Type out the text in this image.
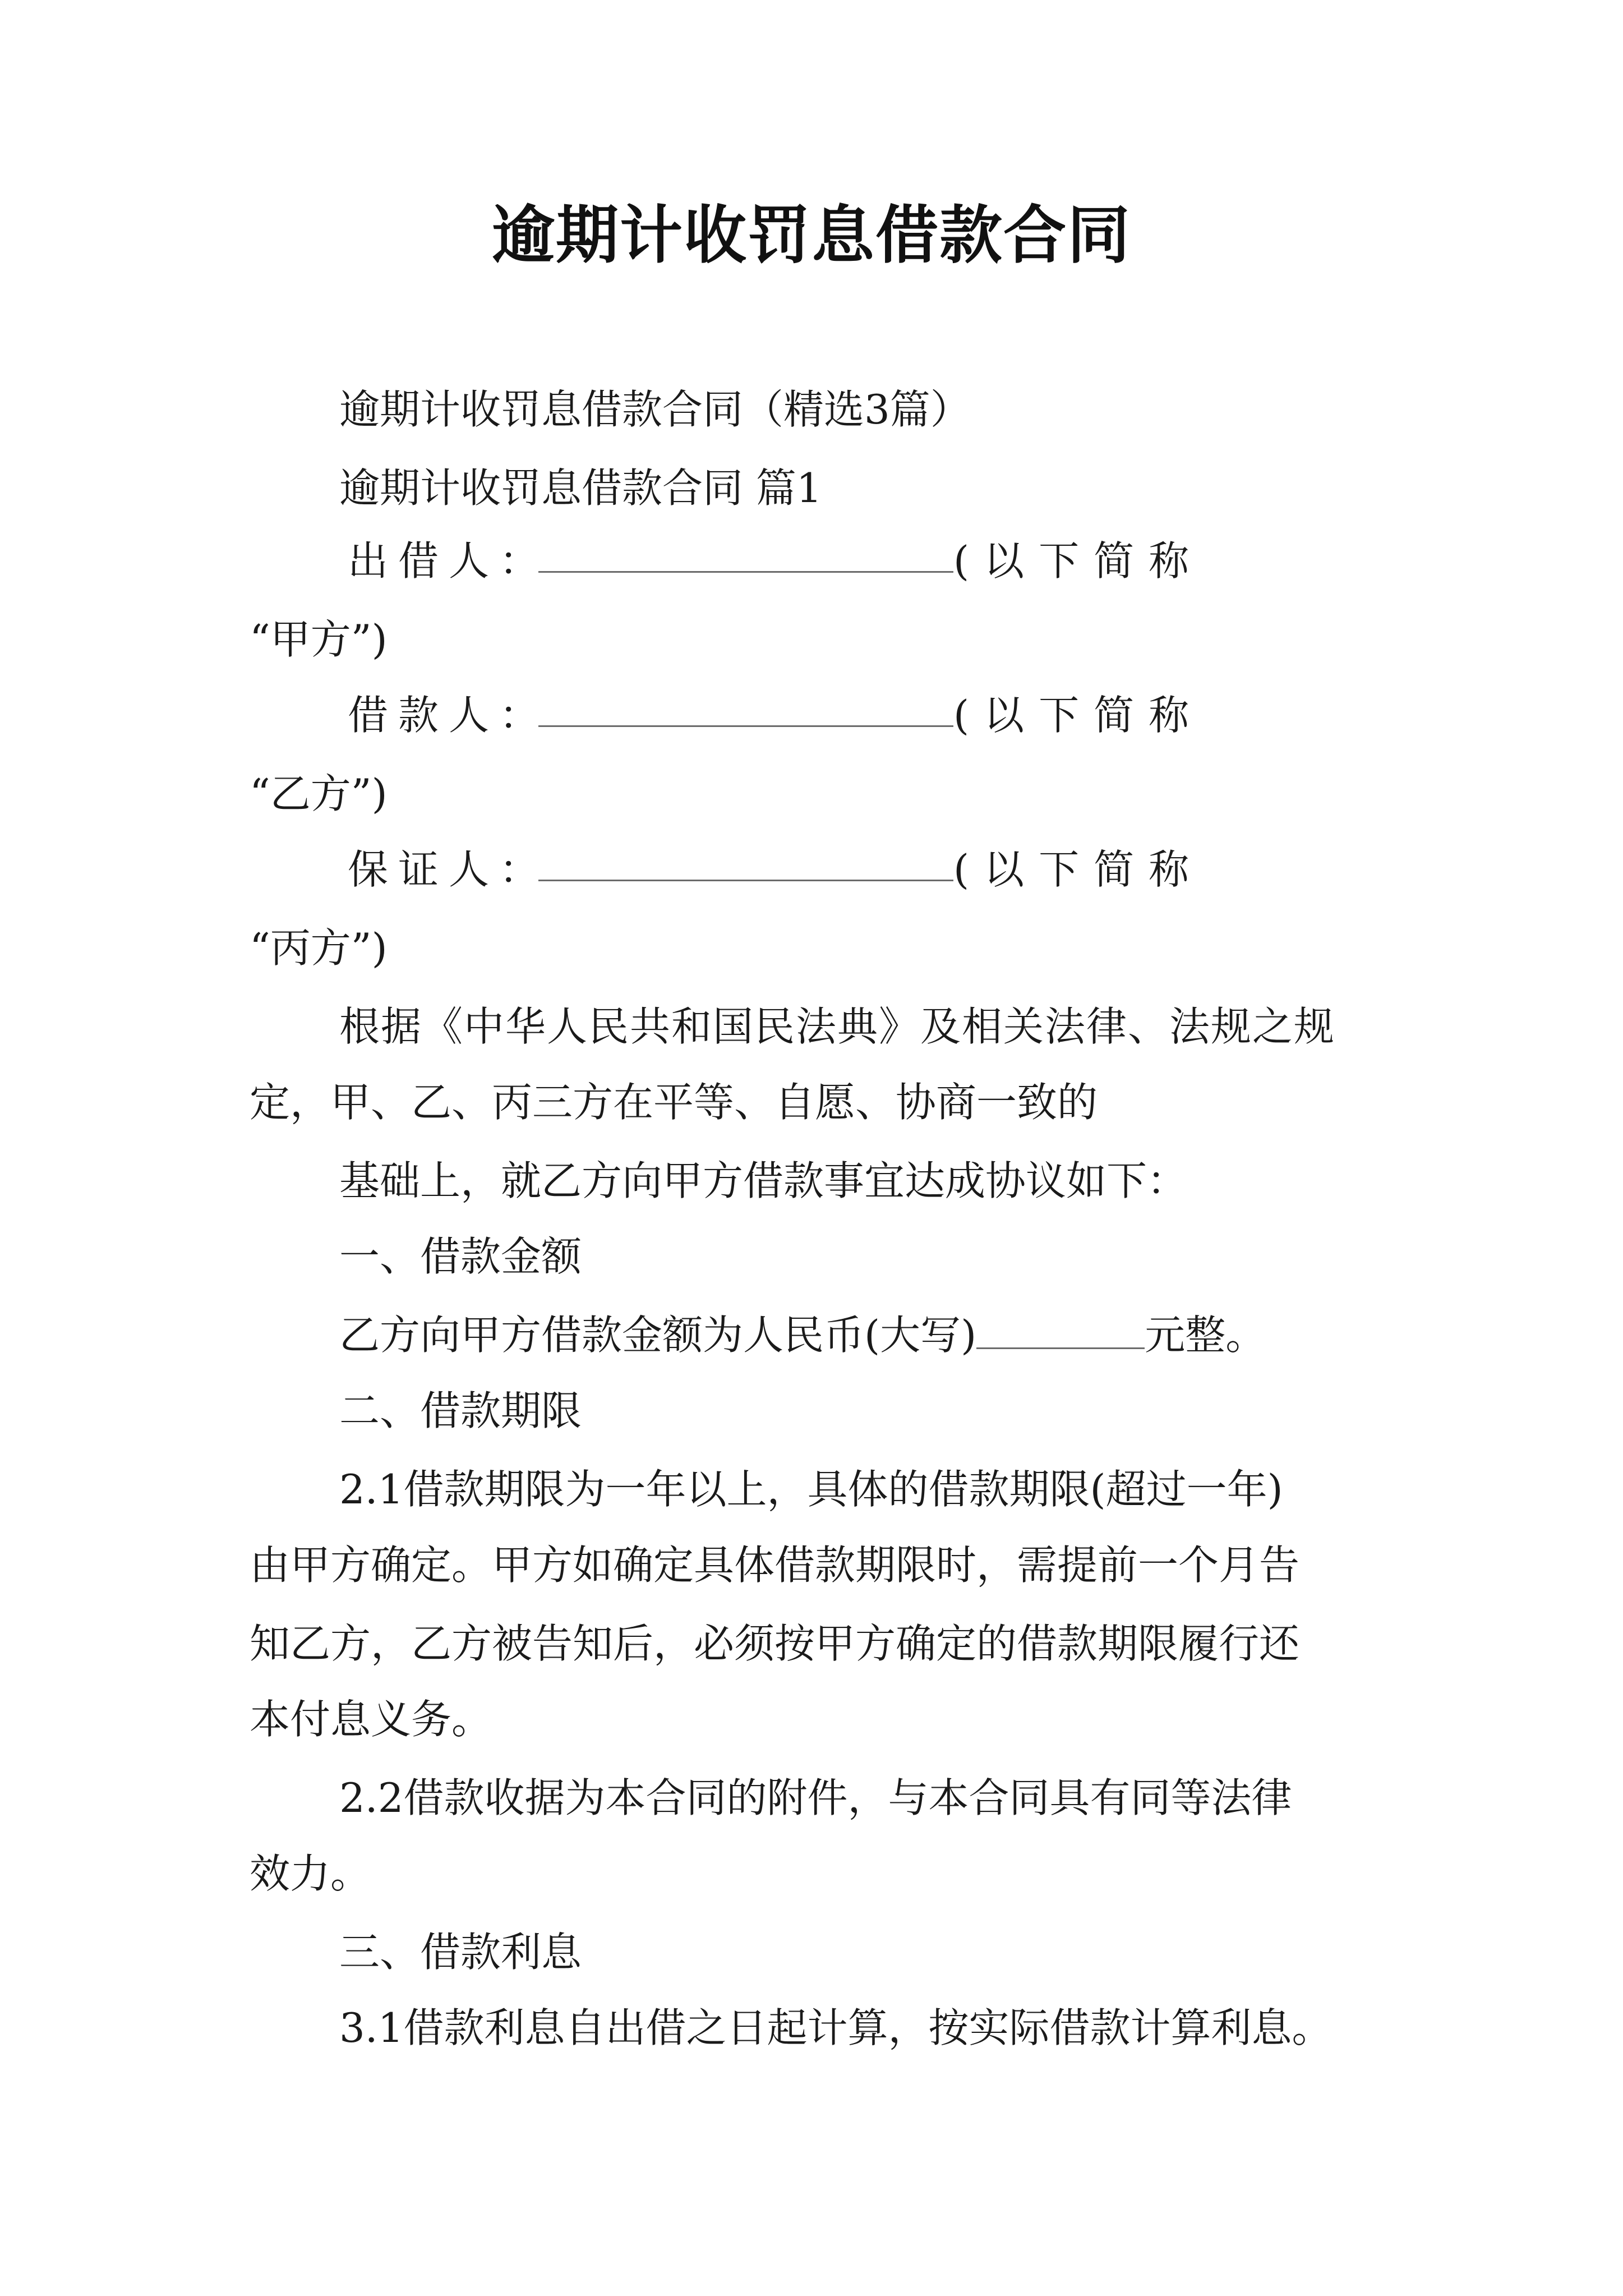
逾期计收罚息借款合同
逾期计收罚息借款合同（精选3篇）
逾期计收罚息借款合同 篇1
出借人：	(以下简称
“甲方”)
借款人：	(以下简称
“乙方”)
保证人：	(以下简称
“丙方”)
根据《中华人民共和国民法典》及相关法律、法规之规
定，甲、乙、丙三方在平等、自愿、协商一致的
基础上，就乙方向甲方借款事宜达成协议如下：
一、借款金额
乙方向甲方借款金额为人民币(大写)	元整。
二、借款期限
2.1借款期限为一年以上，具体的借款期限(超过一年)
由甲方确定。甲方如确定具体借款期限时，需提前一个月告
知乙方，乙方被告知后，必须按甲方确定的借款期限履行还
本付息义务。
2.2借款收据为本合同的附件，与本合同具有同等法律
效力。
三、借款利息
3.1借款利息自出借之日起计算，按实际借款计算利息。
